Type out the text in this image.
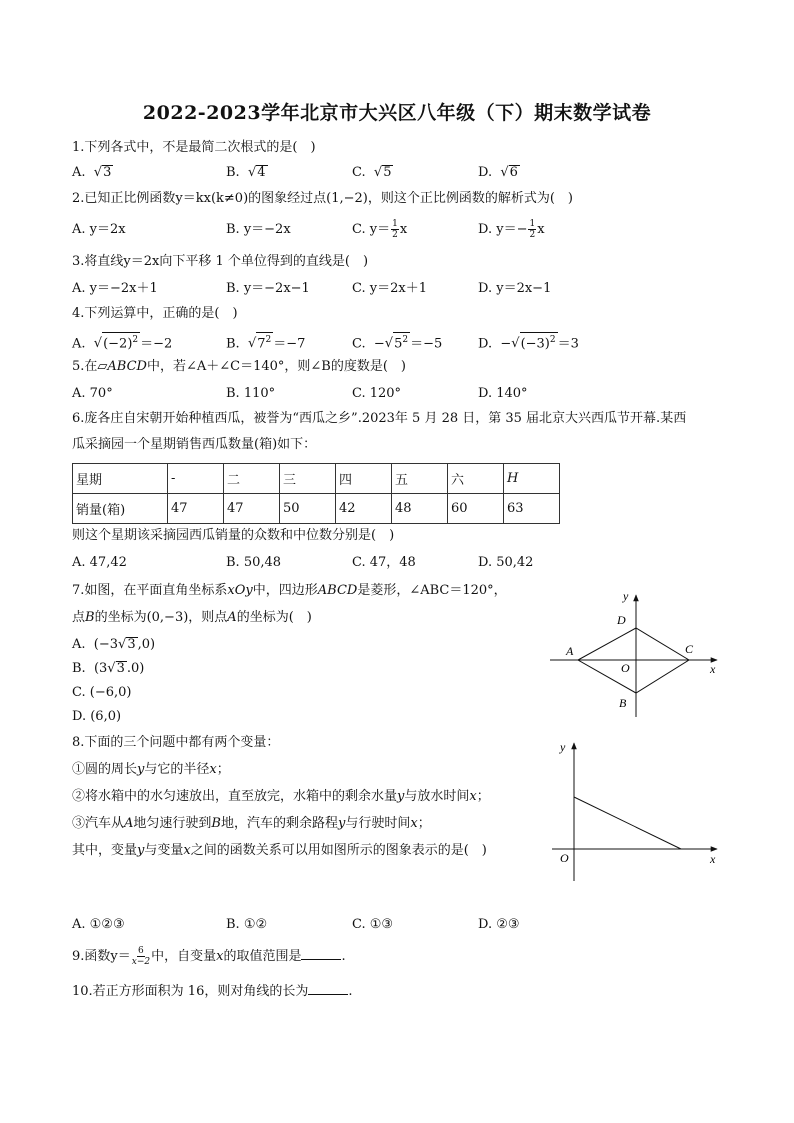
2022-2023学年北京市大兴区八年级（下）期末数学试卷
1.下列各式中，不是最简二次根式的是(　)
A. √3	B. √4	C. √5	D. √6
2.已知正比例函数y＝kx(k≠0)的图象经过点(1,−2)，则这个正比例函数的解析式为(　)
A. y＝2x	B. y＝−2x	C. $y= \frac{1}{2}$ x	D. $y=- \frac{1}{2}$ x
3.将直线y＝2x向下平移 1 个单位得到的直线是(　)
A. y＝−2x＋1	B. y＝−2x−1	C. y＝2x＋1	D. y＝2x−1
4.下列运算中，正确的是(　)
A. $√(-2)^2 =-2$	B. $√7^2 =-7$	C. $-√5^2 =-5$	D. $-√(-3)^2 =3$
5.在▱ABCD中，若∠A＋∠C＝140°，则∠B的度数是(　)
A. 70°	B. 110°	C. 120°	D. 140°
6.庞各庄自宋朝开始种植西瓜，被誉为“西瓜之乡”.2023年 5 月 28 日，第 35 届北京大兴西瓜节开幕.某西
瓜采摘园一个星期销售西瓜数量(箱)如下：
星期	-	二	三	四	五	六	H
销量(箱)	47	47	50	42	48	60	63
则这个星期该采摘园西瓜销量的众数和中位数分别是(　)
A. 47,42	B. 50,48	C. 47，48	D. 50,42
7.如图，在平面直角坐标系xOy中，四边形ABCD是菱形，∠ABC＝120°，
点B的坐标为(0,−3)，则点A的坐标为(　)
A. (−3√3 ,0)
B. (3√3 .0)
C. (−6,0)
D. (6,0)
y
x
O
A	C
D
B
8.下面的三个问题中都有两个变量：
①圆的周长y与它的半径x；
②将水箱中的水匀速放出，直至放完，水箱中的剩余水量y与放水时间x；
③汽车从A地匀速行驶到B地，汽车的剩余路程y与行驶时间x；
其中，变量y与变量x之间的函数关系可以用如图所示的图象表示的是(　)
A. ①②③	B. ①②	C. ①③	D. ②③
y
x
O
9.函数$y= \frac{6}{x-2}$ 中，自变量x的取值范围是	.
10.若正方形面积为 16，则对角线的长为	.
